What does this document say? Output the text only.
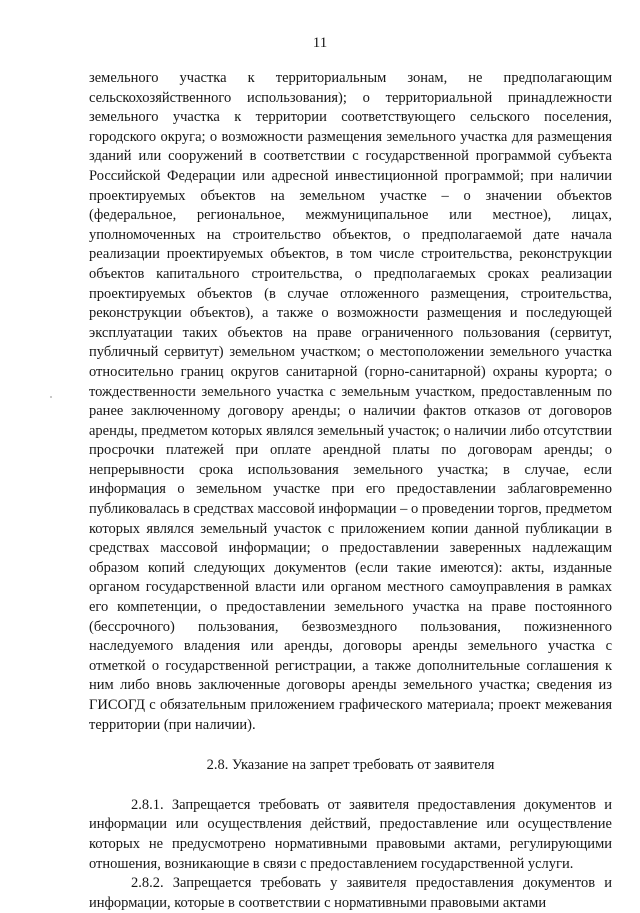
11

земельного участка к территориальным зонам, не предполагающим сельскохозяйственного использования); о территориальной принадлежности земельного участка к территории соответствующего сельского поселения, городского округа; о возможности размещения земельного участка для размещения зданий или сооружений в соответствии с государственной программой субъекта Российской Федерации или адресной инвестиционной программой; при наличии проектируемых объектов на земельном участке – о значении объектов (федеральное, региональное, межмуниципальное или местное), лицах, уполномоченных на строительство объектов, о предполагаемой дате начала реализации проектируемых объектов, в том числе строительства, реконструкции объектов капитального строительства, о предполагаемых сроках реализации проектируемых объектов (в случае отложенного размещения, строительства, реконструкции объектов), а также о возможности размещения и последующей эксплуатации таких объектов на праве ограниченного пользования (сервитут, публичный сервитут) земельном участком; о местоположении земельного участка относительно границ округов санитарной (горно-санитарной) охраны курорта; о тождественности земельного участка с земельным участком, предоставленным по ранее заключенному договору аренды; о наличии фактов отказов от договоров аренды, предметом которых являлся земельный участок; о наличии либо отсутствии просрочки платежей при оплате арендной платы по договорам аренды; о непрерывности срока использования земельного участка; в случае, если информация о земельном участке при его предоставлении заблаговременно публиковалась в средствах массовой информации – о проведении торгов, предметом которых являлся земельный участок с приложением копии данной публикации в средствах массовой информации; о предоставлении заверенных надлежащим образом копий следующих документов (если такие имеются): акты, изданные органом государственной власти или органом местного самоуправления в рамках его компетенции, о предоставлении земельного участка на праве постоянного (бессрочного) пользования, безвозмездного пользования, пожизненного наследуемого владения или аренды, договоры аренды земельного участка с отметкой о государственной регистрации, а также дополнительные соглашения к ним либо вновь заключенные договоры аренды земельного участка; сведения из ГИСОГД с обязательным приложением графического материала; проект межевания территории (при наличии).

2.8. Указание на запрет требовать от заявителя

2.8.1. Запрещается требовать от заявителя предоставления документов и информации или осуществления действий, предоставление или осуществление которых не предусмотрено нормативными правовыми актами, регулирующими отношения, возникающие в связи с предоставлением государственной услуги.

2.8.2. Запрещается требовать у заявителя предоставления документов и информации, которые в соответствии с нормативными правовыми актами
